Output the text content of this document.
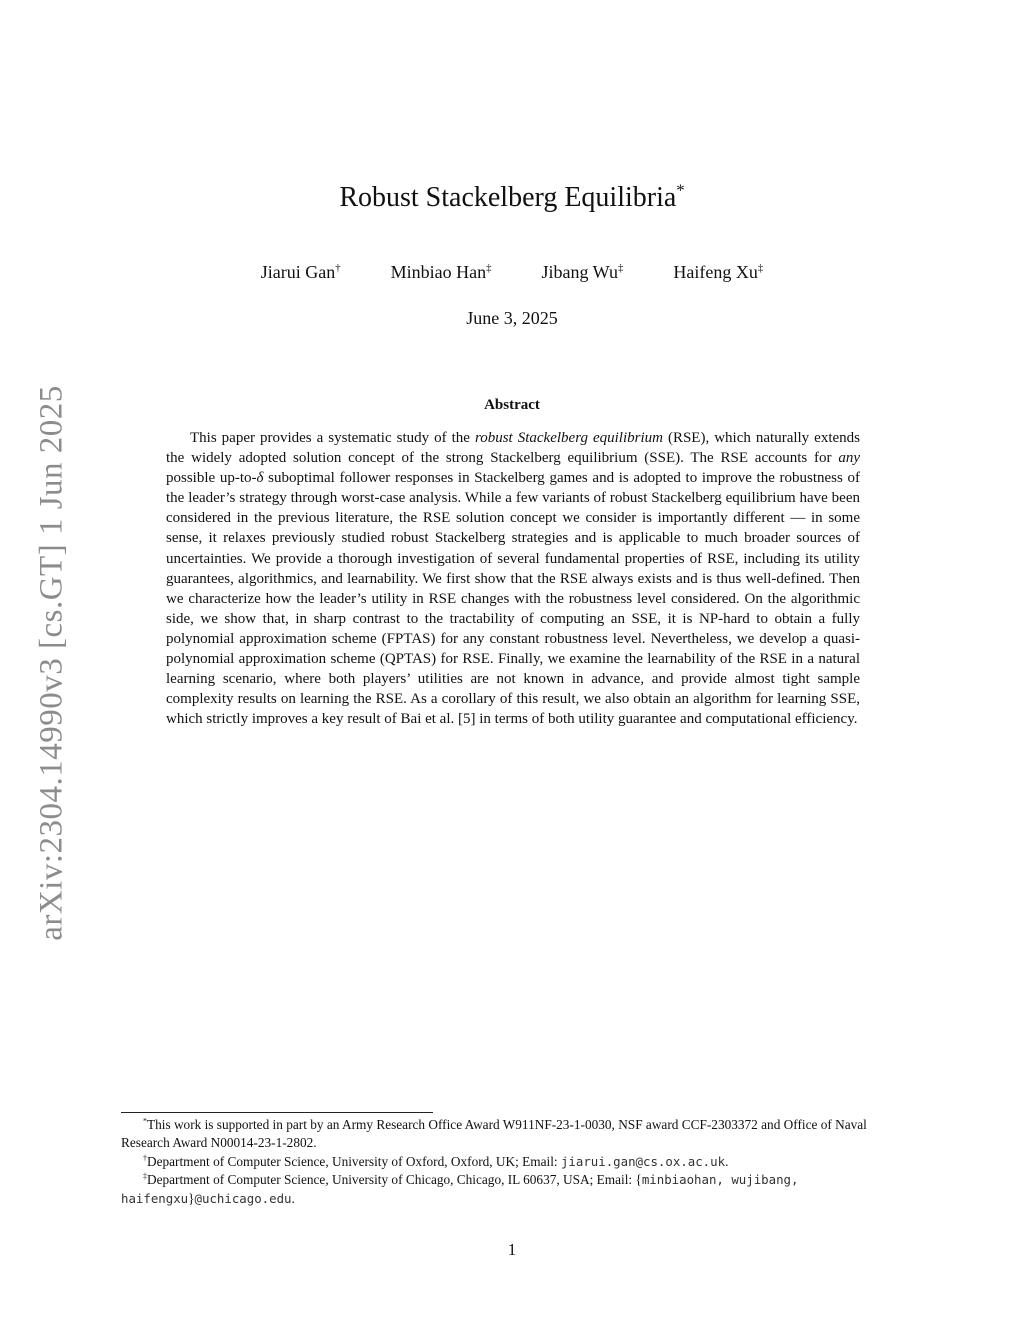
arXiv:2304.14990v3 [cs.GT] 1 Jun 2025
Robust Stackelberg Equilibria*
Jiarui Gan†	Minbiao Han‡	Jibang Wu‡	Haifeng Xu‡
June 3, 2025
Abstract

This paper provides a systematic study of the robust Stackelberg equilibrium (RSE), which naturally extends the widely adopted solution concept of the strong Stackelberg equilibrium (SSE). The RSE accounts for any possible up-to-δ suboptimal follower responses in Stackelberg games and is adopted to improve the robustness of the leader’s strategy through worst-case analysis. While a few variants of robust Stackelberg equilibrium have been considered in the previous literature, the RSE solution concept we consider is importantly different — in some sense, it relaxes previously studied robust Stackelberg strategies and is applicable to much broader sources of uncertainties. We provide a thorough investigation of several fundamental properties of RSE, including its utility guarantees, algorithmics, and learnability. We first show that the RSE always exists and is thus well-defined. Then we characterize how the leader’s utility in RSE changes with the robustness level considered. On the algorithmic side, we show that, in sharp contrast to the tractability of computing an SSE, it is NP-hard to obtain a fully polynomial approximation scheme (FPTAS) for any constant robustness level. Nevertheless, we develop a quasi-polynomial approximation scheme (QPTAS) for RSE. Finally, we examine the learnability of the RSE in a natural learning scenario, where both players’ utilities are not known in advance, and provide almost tight sample complexity results on learning the RSE. As a corollary of this result, we also obtain an algorithm for learning SSE, which strictly improves a key result of Bai et al. [5] in terms of both utility guarantee and computational efficiency.

*This work is supported in part by an Army Research Office Award W911NF-23-1-0030, NSF award CCF-2303372 and Office of Naval Research Award N00014-23-1-2802.

†Department of Computer Science, University of Oxford, Oxford, UK; Email: jiarui.gan@cs.ox.ac.uk.

‡Department of Computer Science, University of Chicago, Chicago, IL 60637, USA; Email: {minbiaohan, wujibang, haifengxu}@uchicago.edu.

1
